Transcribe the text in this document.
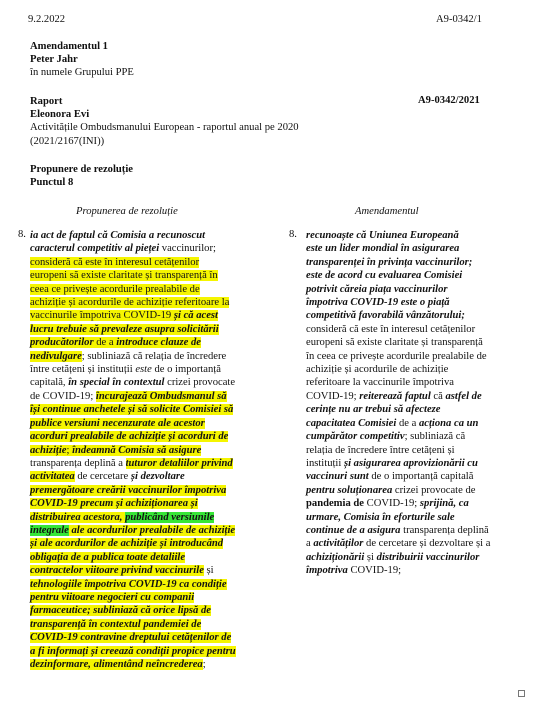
9.2.2022	A9-0342/1
Amendamentul 1
Peter Jahr
în numele Grupului PPE
Raport
Eleonora Evi
Activitățile Ombudsmanului European - raportul anual pe 2020
(2021/2167(INI))
A9-0342/2021
Propunere de rezoluție
Punctul 8
Propunerea de rezoluție	Amendamentul
8. ia act de faptul că Comisia a recunoscut
caracterul competitiv al pieței vaccinurilor;
consideră că este în interesul cetățenilor
europeni să existe claritate și transparență în
ceea ce privește acordurile prealabile de
achiziție și acordurile de achiziție referitoare la
vaccinurile împotriva COVID-19 și că acest
lucru trebuie să prevaleze asupra solicitării
producătorilor de a introduce clauze de
nedivulgare; subliniază că relația de încredere
între cetățeni și instituții este de o importanță
capitală, în special în contextul crizei provocate
de COVID-19; încurajează Ombudsmanul să
își continue anchetele și să solicite Comisiei să
publice versiuni necenzurate ale acestor
acorduri prealabile de achiziție și acorduri de
achiziție; îndeamnă Comisia să asigure
transparența deplină a tuturor detaliilor privind
activitatea de cercetare și dezvoltare
premergătoare creării vaccinurilor împotriva
COVID-19 precum și achiziționarea și
distribuirea acestora, publicând versiunile
integrale ale acordurilor prealabile de achiziție
și ale acordurilor de achiziție și introducând
obligația de a publica toate detaliile
contractelor viitoare privind vaccinurile și
tehnologiile împotriva COVID-19 ca condiție
pentru viitoare negocieri cu companii
farmaceutice; subliniază că orice lipsă de
transparență în contextul pandemiei de
COVID-19 contravine dreptului cetățenilor de
a fi informați și creează condiții propice pentru
dezinformare, alimentând neîncrederea;
8. recunoaște că Uniunea Europeană
este un lider mondial în asigurarea
transparenței în privința vaccinurilor;
este de acord cu evaluarea Comisiei
potrivit căreia piața vaccinurilor
împotriva COVID-19 este o piață
competitivă favorabilă vânzătorului;
consideră că este în interesul cetățenilor
europeni să existe claritate și transparență
în ceea ce privește acordurile prealabile de
achiziție și acordurile de achiziție
referitoare la vaccinurile împotriva
COVID-19; reiterează faptul că astfel de
cerințe nu ar trebui să afecteze
capacitatea Comisiei de a acționa ca un
cumpărător competitiv; subliniază că
relația de încredere între cetățeni și
instituții și asigurarea aprovizionării cu
vaccinuri sunt de o importanță capitală
pentru soluționarea crizei provocate de
pandemia de COVID-19; sprijină, ca
urmare, Comisia în eforturile sale
continue de a asigura transparența deplină
a activităților de cercetare și dezvoltare și a
achiziționării și distribuirii vaccinurilor
împotriva COVID-19;
